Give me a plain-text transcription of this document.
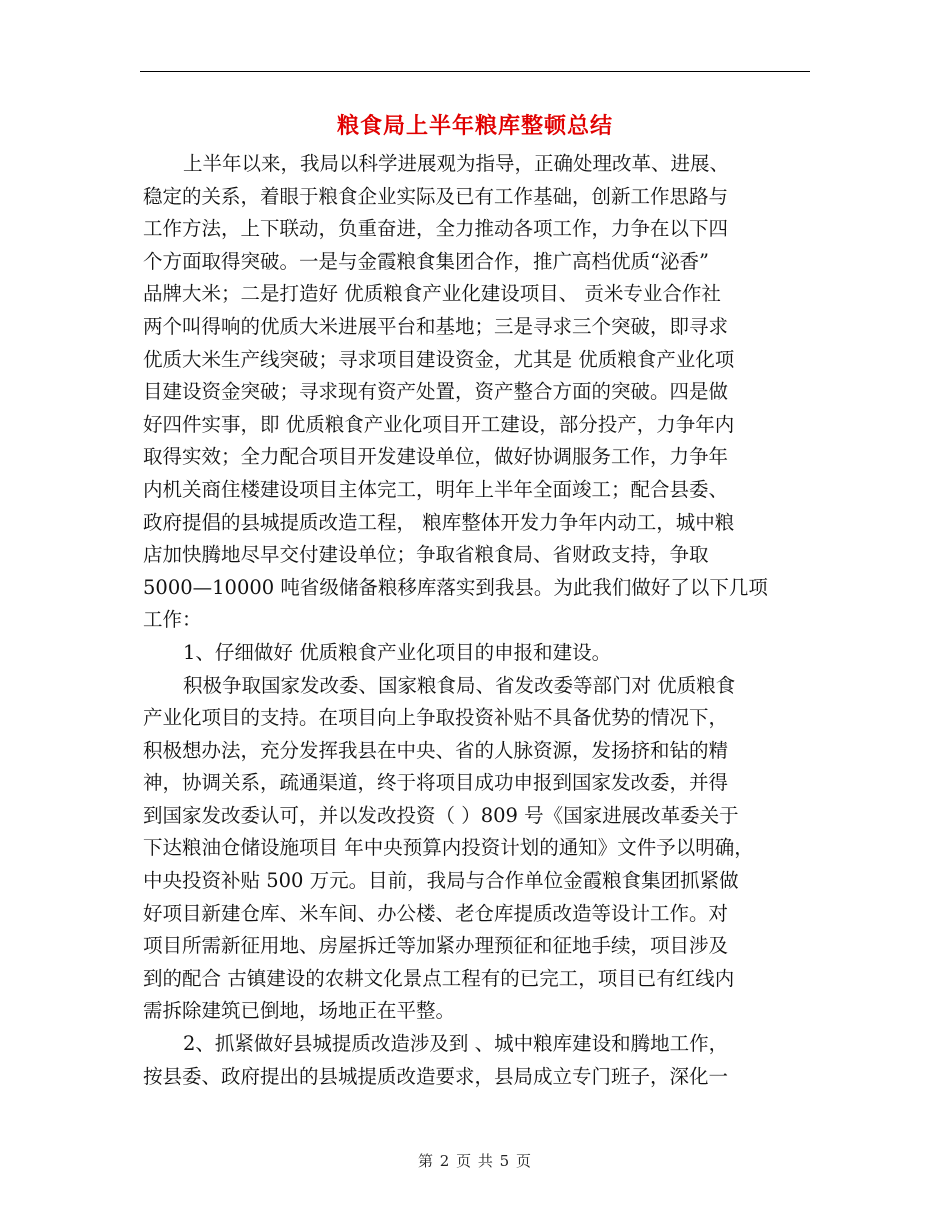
粮食局上半年粮库整顿总结
上半年以来，我局以科学进展观为指导，正确处理改革、进展、
稳定的关系，着眼于粮食企业实际及已有工作基础，创新工作思路与
工作方法，上下联动，负重奋进，全力推动各项工作，力争在以下四
个方面取得突破。一是与金霞粮食集团合作，推广高档优质“泌香”
品牌大米；二是打造好 优质粮食产业化建设项目、 贡米专业合作社
两个叫得响的优质大米进展平台和基地；三是寻求三个突破，即寻求
优质大米生产线突破；寻求项目建设资金，尤其是 优质粮食产业化项
目建设资金突破；寻求现有资产处置，资产整合方面的突破。四是做
好四件实事，即 优质粮食产业化项目开工建设，部分投产，力争年内
取得实效；全力配合项目开发建设单位，做好协调服务工作，力争年
内机关商住楼建设项目主体完工，明年上半年全面竣工；配合县委、
政府提倡的县城提质改造工程， 粮库整体开发力争年内动工，城中粮
店加快腾地尽早交付建设单位；争取省粮食局、省财政支持，争取
5000—10000 吨省级储备粮移库落实到我县。为此我们做好了以下几项
工作：
1、仔细做好 优质粮食产业化项目的申报和建设。
积极争取国家发改委、国家粮食局、省发改委等部门对 优质粮食
产业化项目的支持。在项目向上争取投资补贴不具备优势的情况下，
积极想办法，充分发挥我县在中央、省的人脉资源，发扬挤和钻的精
神，协调关系，疏通渠道，终于将项目成功申报到国家发改委，并得
到国家发改委认可，并以发改投资（ ）809 号《国家进展改革委关于
下达粮油仓储设施项目 年中央预算内投资计划的通知》文件予以明确，
中央投资补贴 500 万元。目前，我局与合作单位金霞粮食集团抓紧做
好项目新建仓库、米车间、办公楼、老仓库提质改造等设计工作。对
项目所需新征用地、房屋拆迁等加紧办理预征和征地手续，项目涉及
到的配合 古镇建设的农耕文化景点工程有的已完工，项目已有红线内
需拆除建筑已倒地，场地正在平整。
2、抓紧做好县城提质改造涉及到 、城中粮库建设和腾地工作，
按县委、政府提出的县城提质改造要求，县局成立专门班子，深化一
第 2 页 共 5 页
